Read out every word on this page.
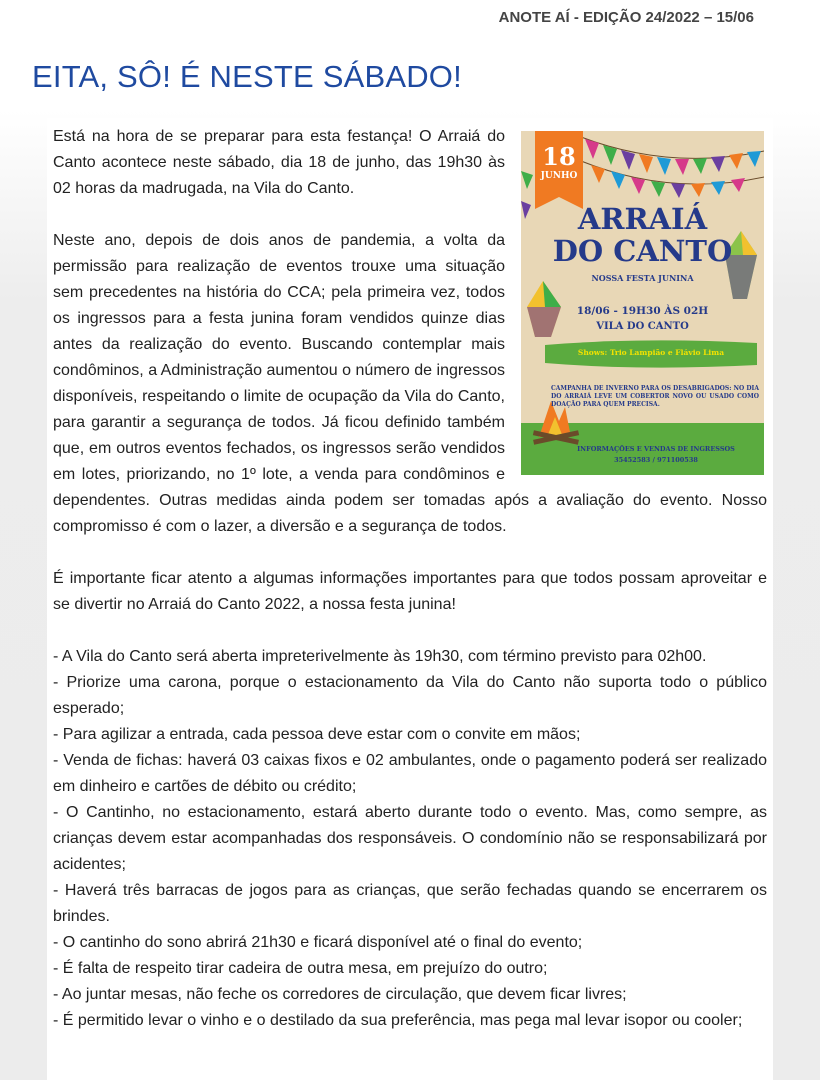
ANOTE AÍ - EDIÇÃO 24/2022 – 15/06
EITA, SÔ! É NESTE SÁBADO!
18
JUNHO
ARRAIÁ
DO CANTO
NOSSA FESTA JUNINA
18/06 - 19H30 ÀS 02H
VILA DO CANTO
Shows: Trio Lampião e Flávio Lima
CAMPANHA DE INVERNO PARA OS DESABRIGADOS: NO DIA DO ARRAIÁ LEVE UM COBERTOR NOVO OU USADO COMO DOAÇÃO PARA QUEM PRECISA.
INFORMAÇÕES E VENDAS DE INGRESSOS
35452583 / 971100538

Está na hora de se preparar para esta festança! O Arraiá do Canto acontece neste sábado, dia 18 de junho, das 19h30 às 02 horas da madrugada, na Vila do Canto.

Neste ano, depois de dois anos de pandemia, a volta da permissão para realização de eventos trouxe uma situação sem precedentes na história do CCA; pela primeira vez, todos os ingressos para a festa junina foram vendidos quinze dias antes da realização do evento. Buscando contemplar mais condôminos, a Administração aumentou o número de ingressos disponíveis, respeitando o limite de ocupação da Vila do Canto, para garantir a segurança de todos. Já ficou definido também que, em outros eventos fechados, os ingressos serão vendidos em lotes, priorizando, no 1º lote, a venda para condôminos e dependentes. Outras medidas ainda podem ser tomadas após a avaliação do evento. Nosso compromisso é com o lazer, a diversão e a segurança de todos.

É importante ficar atento a algumas informações importantes para que todos possam aproveitar e se divertir no Arraiá do Canto 2022, a nossa festa junina!

- A Vila do Canto será aberta impreterivelmente às 19h30, com término previsto para 02h00.

- Priorize uma carona, porque o estacionamento da Vila do Canto não suporta todo o público esperado;

- Para agilizar a entrada, cada pessoa deve estar com o convite em mãos;

- Venda de fichas: haverá 03 caixas fixos e 02 ambulantes, onde o pagamento poderá ser realizado em dinheiro e cartões de débito ou crédito;

- O Cantinho, no estacionamento, estará aberto durante todo o evento. Mas, como sempre, as crianças devem estar acompanhadas dos responsáveis. O condomínio não se responsabilizará por acidentes;

- Haverá três barracas de jogos para as crianças, que serão fechadas quando se encerrarem os brindes.

- O cantinho do sono abrirá 21h30 e ficará disponível até o final do evento;

- É falta de respeito tirar cadeira de outra mesa, em prejuízo do outro;

- Ao juntar mesas, não feche os corredores de circulação, que devem ficar livres;

- É permitido levar o vinho e o destilado da sua preferência, mas pega mal levar isopor ou cooler;
